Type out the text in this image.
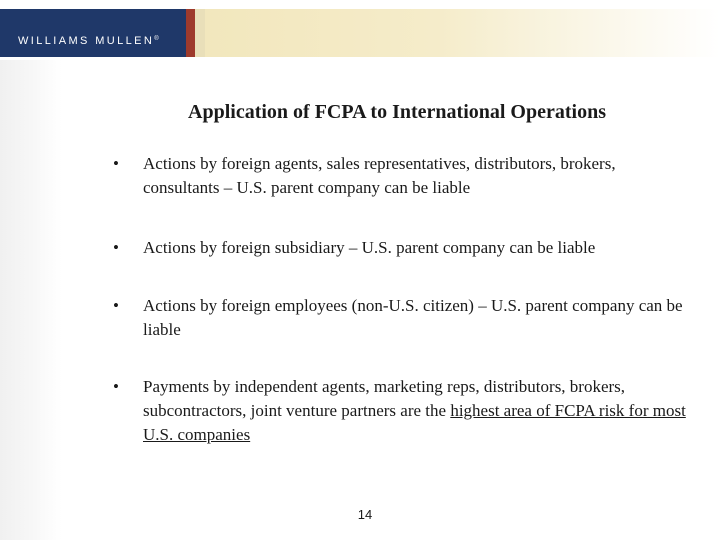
WILLIAMS MULLEN®
Application of FCPA to International Operations
• Actions by foreign agents, sales representatives, distributors, brokers, consultants – U.S. parent company can be liable
• Actions by foreign subsidiary – U.S. parent company can be liable
• Actions by foreign employees (non-U.S. citizen) – U.S. parent company can be liable
• Payments by independent agents, marketing reps, distributors, brokers, subcontractors, joint venture partners are the highest area of FCPA risk for most U.S. companies
14
